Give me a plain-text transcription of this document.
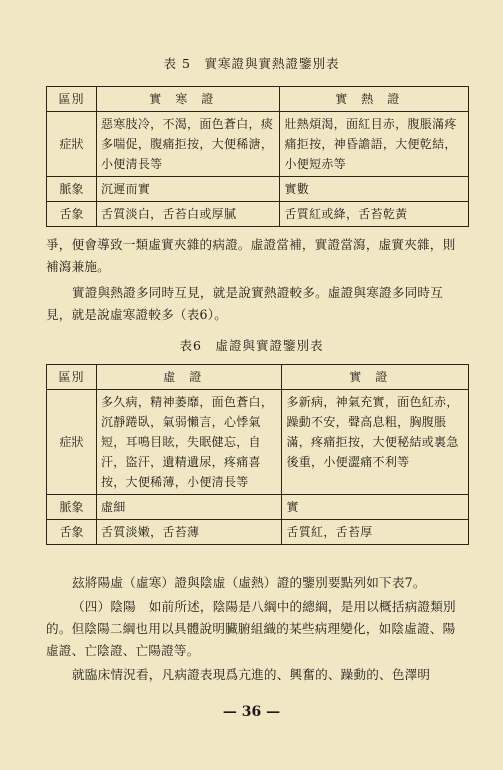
表 5　實寒證與實熱證鑒別表
區別	實寒證	實熱證
症狀	惡寒肢冷，不渴，面色蒼白，痰多喘促，腹痛拒按，大便稀溏，小便清長等	壯熱煩渴，面紅目赤，腹脹滿疼痛拒按，神昏譫語，大便乾結，小便短赤等
脈象	沉遲而實	實數
舌象	舌質淡白，舌苔白或厚膩	舌質紅或絳，舌苔乾黃

爭，便會導致一類虛實夾雜的病證。虛證當補，實證當瀉，虛實夾雜，則補瀉兼施。

實證與熱證多同時互見，就是說實熱證較多。虛證與寒證多同時互見，就是說虛寒證較多（表6）。

表6　虛證與實證鑒別表
區別	虛證	實證
症狀	多久病，精神萎靡，面色蒼白，沉靜踡臥，氣弱懶言，心悸氣短，耳鳴目眩，失眠健忘，自汗，盜汗，遺精遺尿，疼痛喜按，大便稀薄，小便清長等	多新病，神氣充實，面色紅赤，躁動不安，聲高息粗，胸腹脹滿，疼痛拒按，大便秘結或裏急後重，小便澀痛不利等
脈象	虛細	實
舌象	舌質淡嫩，舌苔薄	舌質紅，舌苔厚

玆將陽虛（虛寒）證與陰虛（虛熱）證的鑒別要點列如下表7。

（四）陰陽　如前所述，陰陽是八綱中的總綱，是用以概括病證類別的。但陰陽二綱也用以具體說明臟腑組織的某些病理變化，如陰虛證、陽虛證、亡陰證、亡陽證等。

就臨床情況看，凡病證表現爲亢進的、興奮的、躁動的、色澤明

— 36 —
